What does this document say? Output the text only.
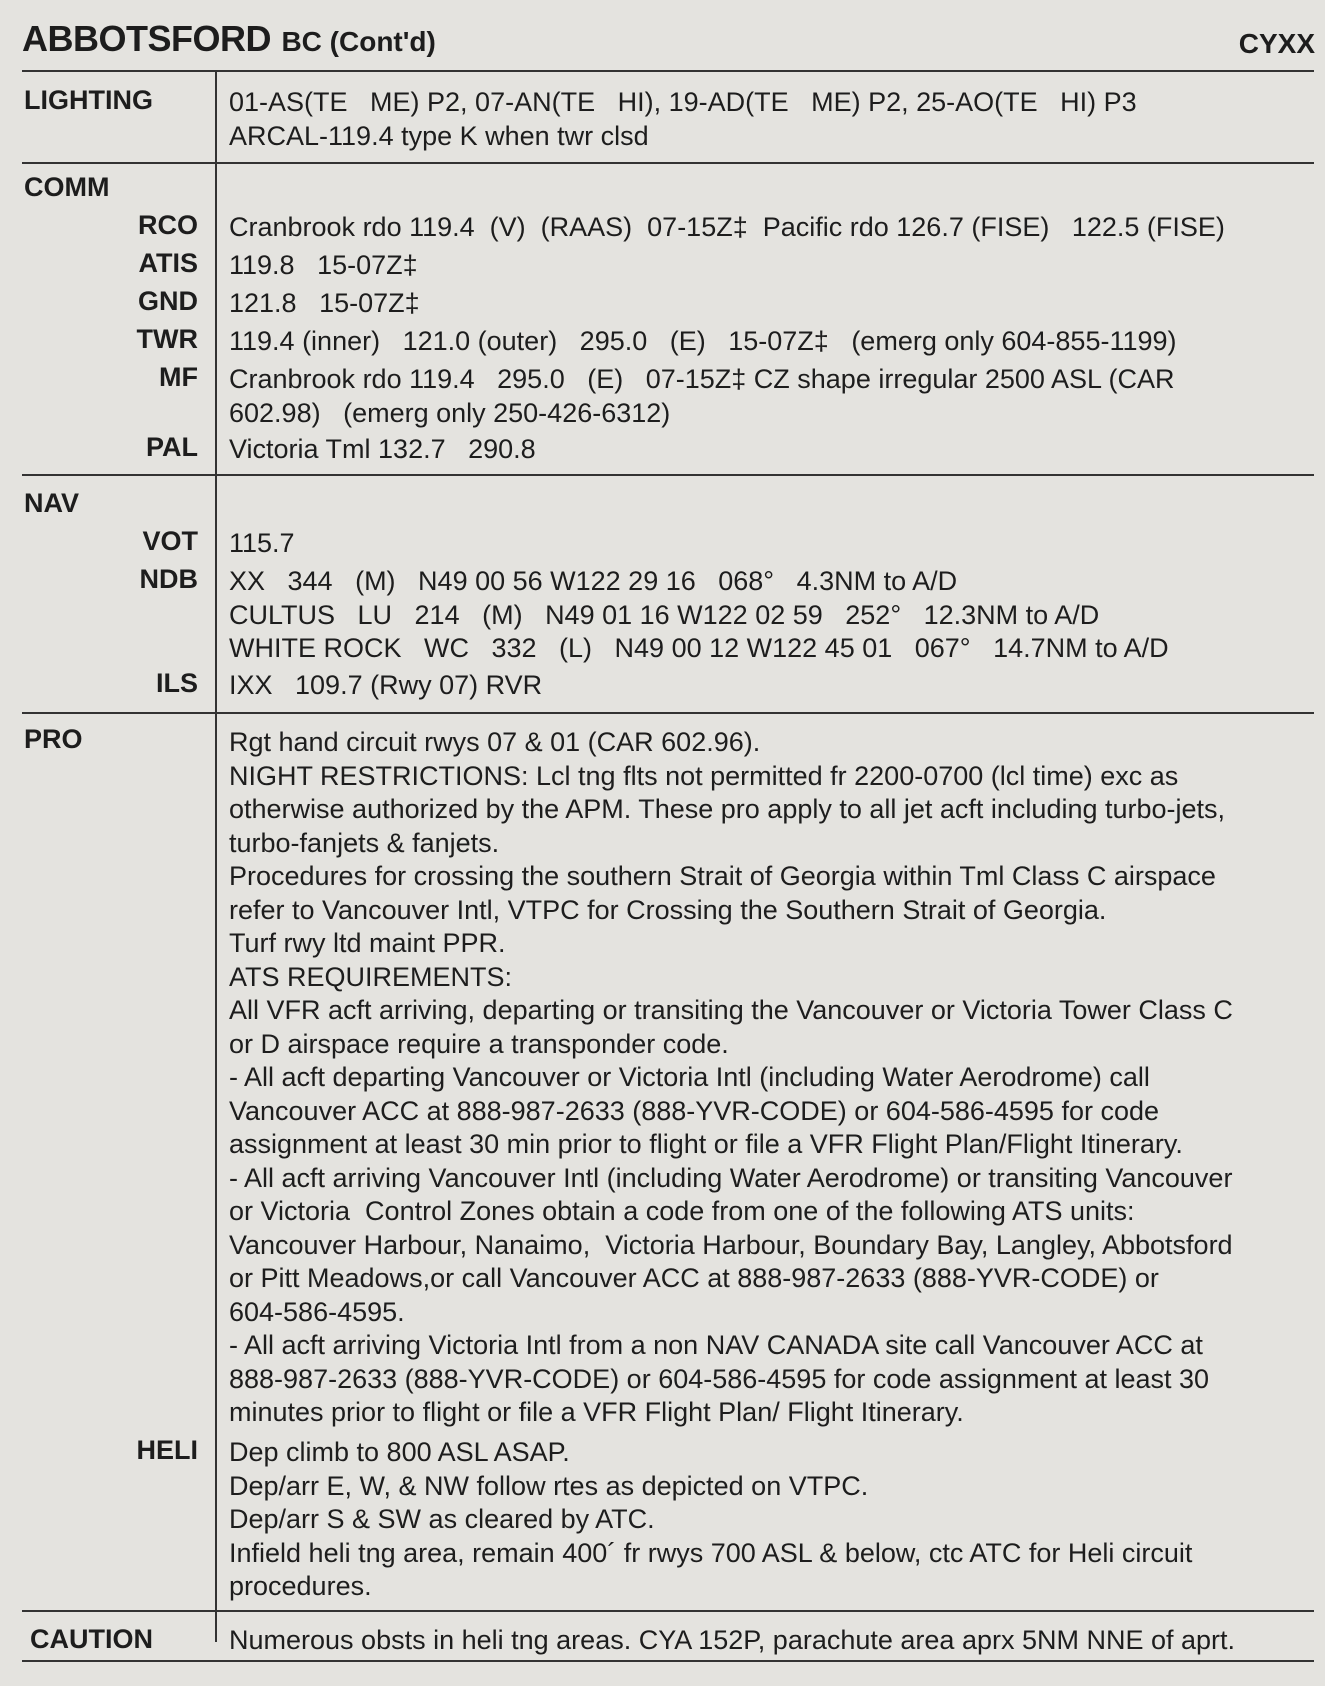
ABBOTSFORD BC (Cont'd)	CYXX
LIGHTING	01-AS(TE   ME) P2, 07-AN(TE   HI), 19-AD(TE   ME) P2, 25-AO(TE   HI) P3
ARCAL-119.4 type K when twr clsd
COMM
RCO Cranbrook rdo 119.4  (V)  (RAAS)  07-15Z‡  Pacific rdo 126.7 (FISE)   122.5 (FISE)
ATIS 119.8   15-07Z‡
GND 121.8   15-07Z‡
TWR 119.4 (inner)   121.0 (outer)   295.0   (E)   15-07Z‡   (emerg only 604-855-1199)
MF Cranbrook rdo 119.4   295.0   (E)   07-15Z‡ CZ shape irregular 2500 ASL (CAR
602.98)   (emerg only 250-426-6312)
PAL Victoria Tml 132.7   290.8
NAV
VOT 115.7
NDB XX   344   (M)   N49 00 56 W122 29 16   068°   4.3NM to A/D
CULTUS   LU   214   (M)   N49 01 16 W122 02 59   252°   12.3NM to A/D
WHITE ROCK   WC   332   (L)   N49 00 12 W122 45 01   067°   14.7NM to A/D
ILS IXX   109.7 (Rwy 07) RVR
PRO	Rgt hand circuit rwys 07 & 01 (CAR 602.96).
NIGHT RESTRICTIONS: Lcl tng flts not permitted fr 2200-0700 (lcl time) exc as
otherwise authorized by the APM. These pro apply to all jet acft including turbo-jets,
turbo-fanjets & fanjets.
Procedures for crossing the southern Strait of Georgia within Tml Class C airspace
refer to Vancouver Intl, VTPC for Crossing the Southern Strait of Georgia.
Turf rwy ltd maint PPR.
ATS REQUIREMENTS:
All VFR acft arriving, departing or transiting the Vancouver or Victoria Tower Class C
or D airspace require a transponder code.
- All acft departing Vancouver or Victoria Intl (including Water Aerodrome) call
Vancouver ACC at 888-987-2633 (888-YVR-CODE) or 604-586-4595 for code
assignment at least 30 min prior to flight or file a VFR Flight Plan/Flight Itinerary.
- All acft arriving Vancouver Intl (including Water Aerodrome) or transiting Vancouver
or Victoria  Control Zones obtain a code from one of the following ATS units:
Vancouver Harbour, Nanaimo,  Victoria Harbour, Boundary Bay, Langley, Abbotsford
or Pitt Meadows,or call Vancouver ACC at 888-987-2633 (888-YVR-CODE) or
604-586-4595.
- All acft arriving Victoria Intl from a non NAV CANADA site call Vancouver ACC at
888-987-2633 (888-YVR-CODE) or 604-586-4595 for code assignment at least 30
minutes prior to flight or file a VFR Flight Plan/ Flight Itinerary.
HELI Dep climb to 800 ASL ASAP.
Dep/arr E, W, & NW follow rtes as depicted on VTPC.
Dep/arr S & SW as cleared by ATC.
Infield heli tng area, remain 400´ fr rwys 700 ASL & below, ctc ATC for Heli circuit
procedures.
CAUTION	Numerous obsts in heli tng areas. CYA 152P, parachute area aprx 5NM NNE of aprt.
